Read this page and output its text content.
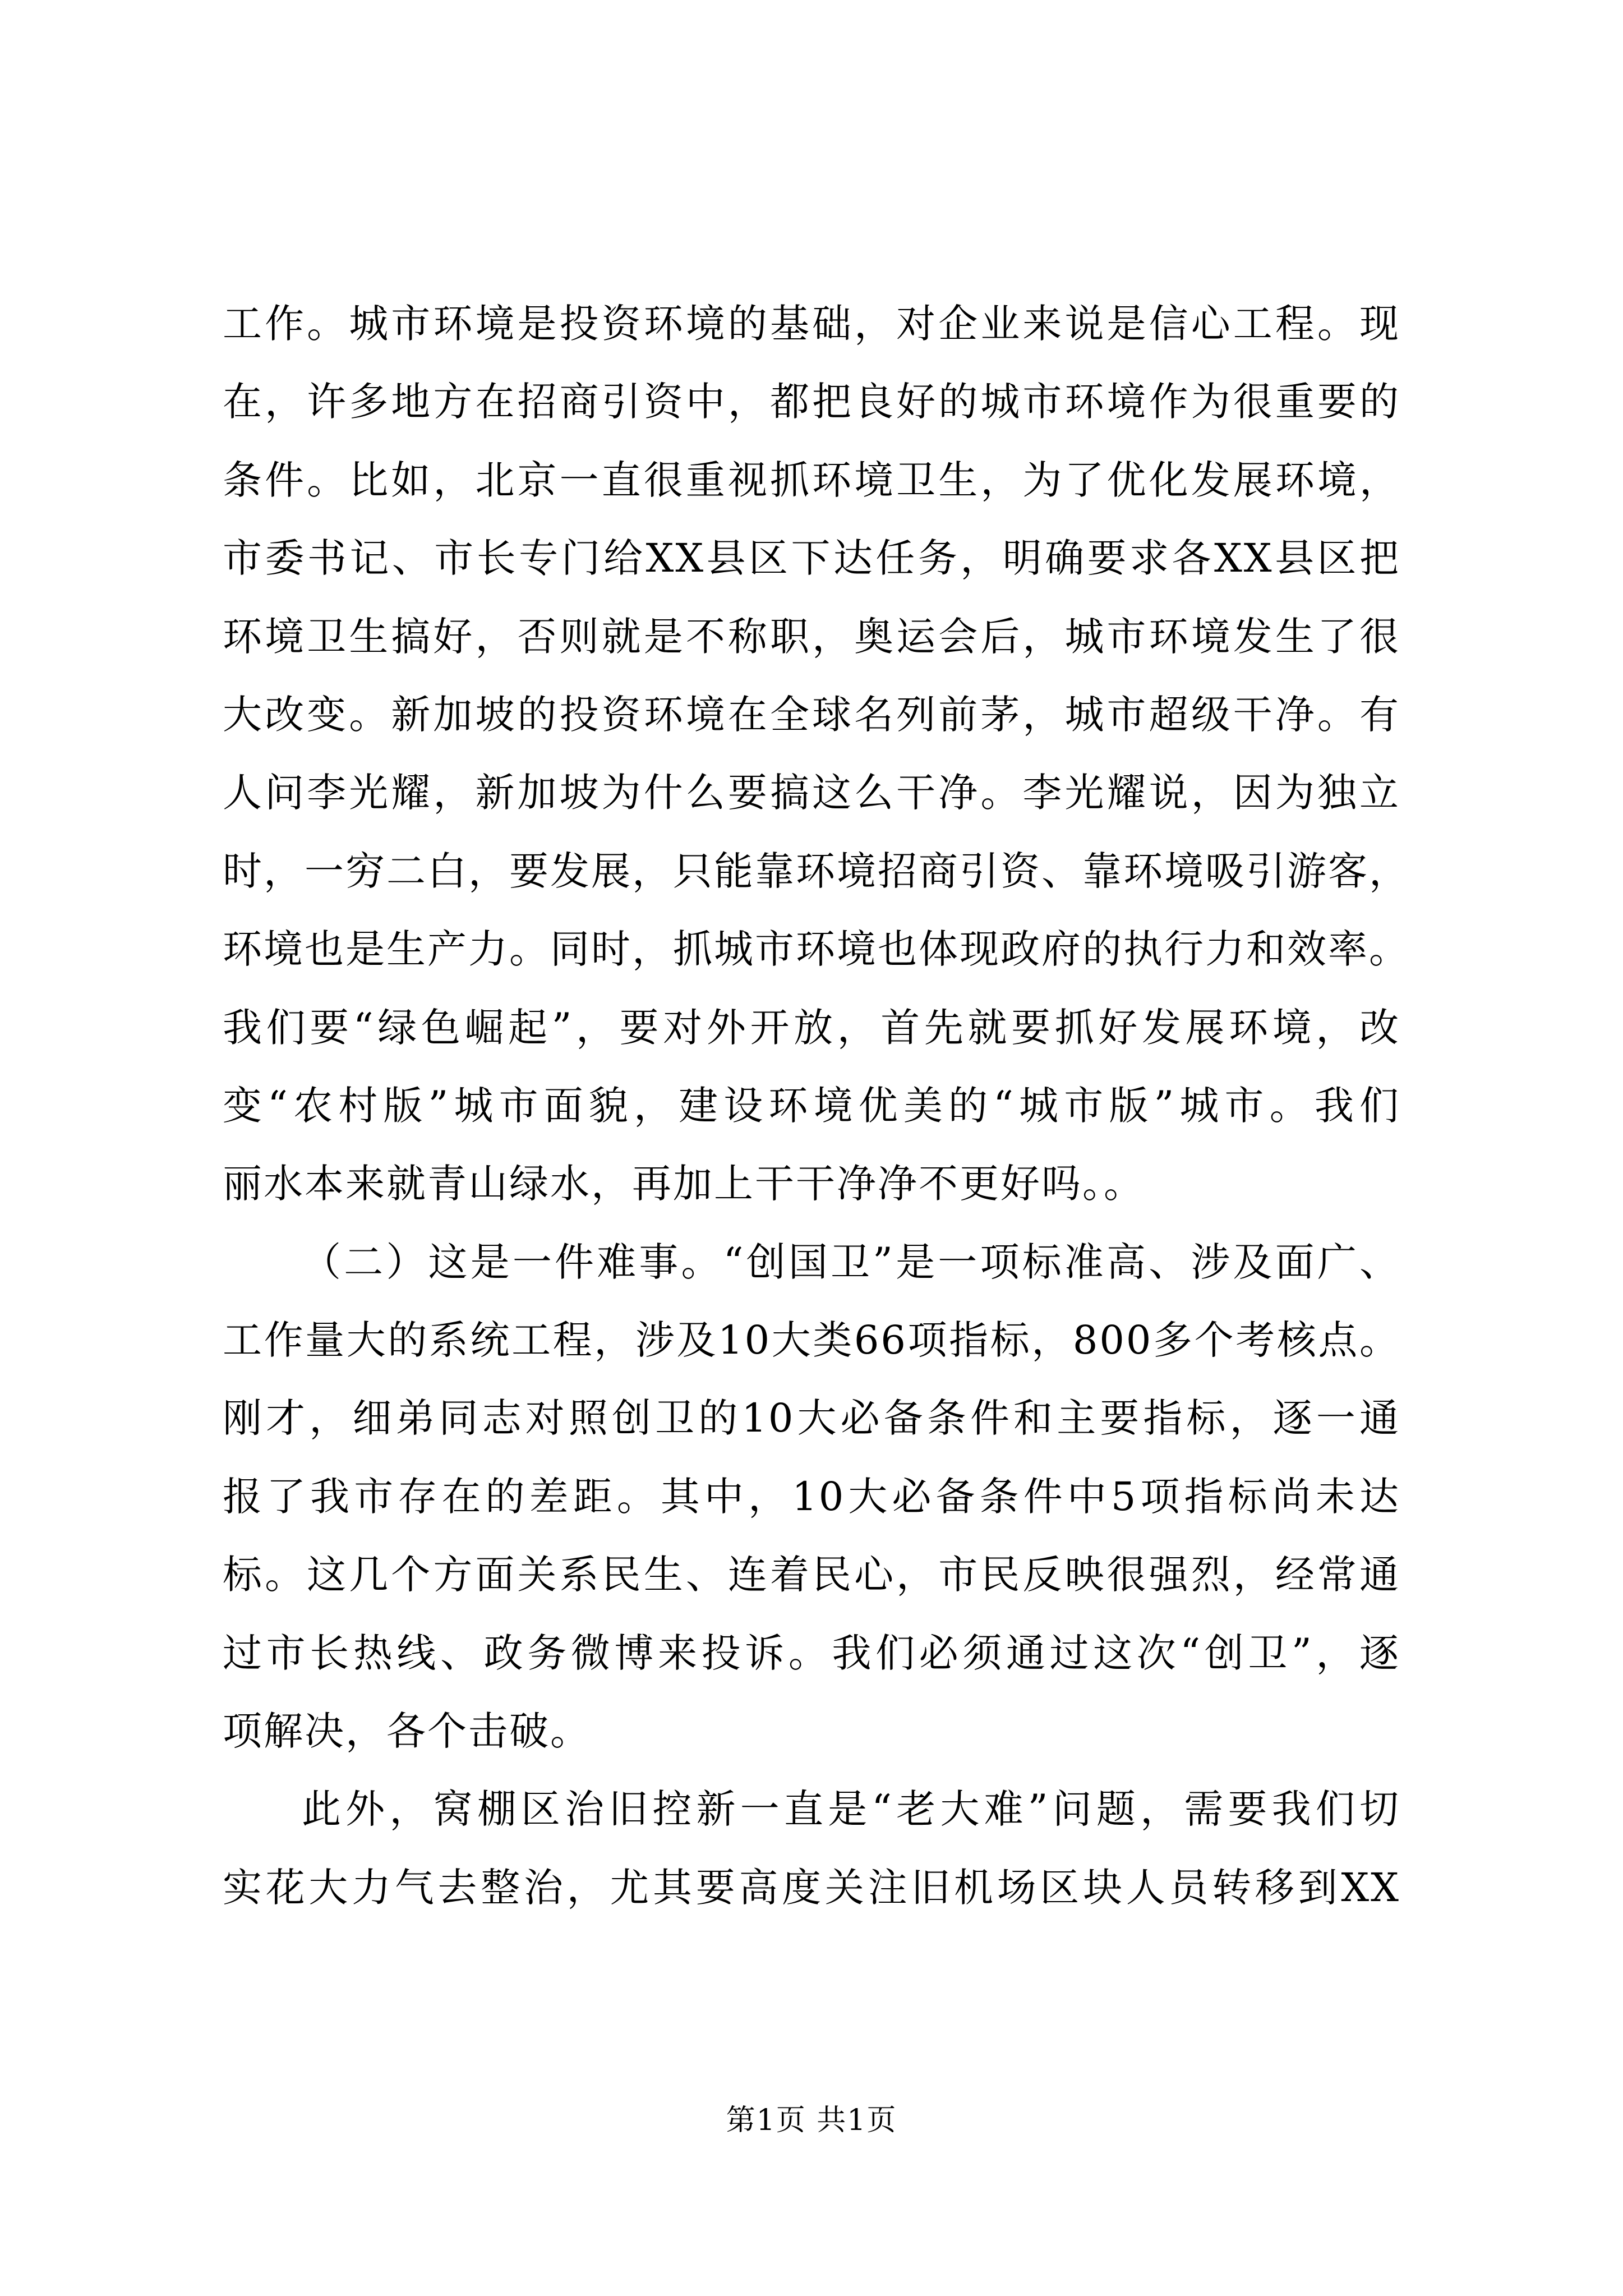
工作。城市环境是投资环境的基础，对企业来说是信心工程。现
在，许多地方在招商引资中，都把良好的城市环境作为很重要的
条件。比如，北京一直很重视抓环境卫生，为了优化发展环境，
市委书记、市长专门给XX县区下达任务，明确要求各XX县区把
环境卫生搞好，否则就是不称职，奥运会后，城市环境发生了很
大改变。新加坡的投资环境在全球名列前茅，城市超级干净。有
人问李光耀，新加坡为什么要搞这么干净。李光耀说，因为独立
时，一穷二白，要发展，只能靠环境招商引资、靠环境吸引游客，
环境也是生产力。同时，抓城市环境也体现政府的执行力和效率。
我们要“绿色崛起”，要对外开放，首先就要抓好发展环境，改
变“农村版”城市面貌，建设环境优美的“城市版”城市。我们
丽水本来就青山绿水，再加上干干净净不更好吗。。
（二）这是一件难事。“创国卫”是一项标准高、涉及面广、
工作量大的系统工程，涉及10大类66项指标，800多个考核点。
刚才，细弟同志对照创卫的10大必备条件和主要指标，逐一通
报了我市存在的差距。其中，10大必备条件中5项指标尚未达
标。这几个方面关系民生、连着民心，市民反映很强烈，经常通
过市长热线、政务微博来投诉。我们必须通过这次“创卫”，逐
项解决，各个击破。
此外，窝棚区治旧控新一直是“老大难”问题，需要我们切
实花大力气去整治，尤其要高度关注旧机场区块人员转移到XX
第1页 共1页
